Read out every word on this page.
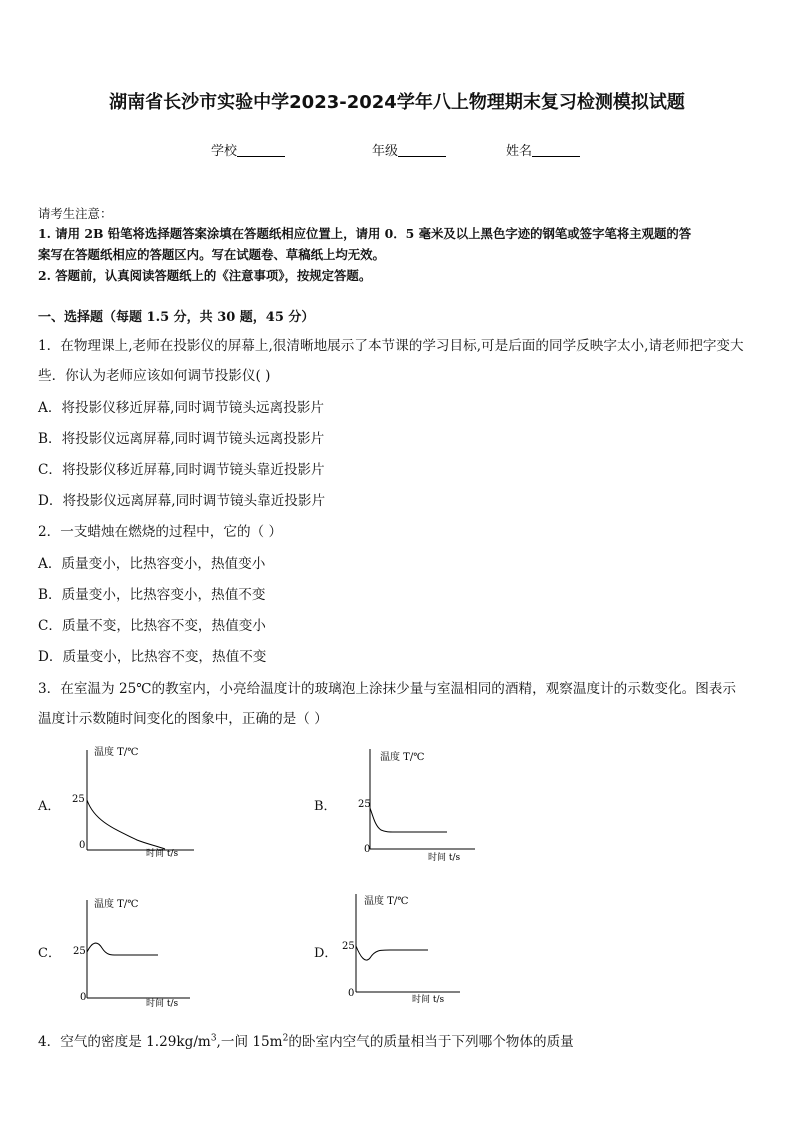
湖南省长沙市实验中学2023-2024学年八上物理期末复习检测模拟试题
学校	年级	姓名
请考生注意：
1. 请用 2B 铅笔将选择题答案涂填在答题纸相应位置上，请用 0．5 毫米及以上黑色字迹的钢笔或签字笔将主观题的答
案写在答题纸相应的答题区内。写在试题卷、草稿纸上均无效。
2. 答题前，认真阅读答题纸上的《注意事项》，按规定答题。
一、选择题（每题 1.5 分，共 30 题，45 分）
1．在物理课上,老师在投影仪的屏幕上,很清晰地展示了本节课的学习目标,可是后面的同学反映字太小,请老师把字变大
些．你认为老师应该如何调节投影仪( )
A．将投影仪移近屏幕,同时调节镜头远离投影片
B．将投影仪远离屏幕,同时调节镜头远离投影片
C．将投影仪移近屏幕,同时调节镜头靠近投影片
D．将投影仪远离屏幕,同时调节镜头靠近投影片
2．一支蜡烛在燃烧的过程中，它的（ ）
A．质量变小，比热容变小，热值变小
B．质量变小，比热容变小，热值不变
C．质量不变，比热容不变，热值变小
D．质量变小，比热容不变，热值不变
3．在室温为 25℃的教室内，小亮给温度计的玻璃泡上涂抹少量与室温相同的酒精，观察温度计的示数变化。图表示
温度计示数随时间变化的图象中，正确的是（ ）
A．	B．
C．	D．
温度 T/℃
25
0
时间 t/s
温度 T/℃
25
0
时间 t/s
温度 T/℃
25
0
时间 t/s
温度 T/℃
25
0
时间 t/s
4．空气的密度是 $1.29kg/m^3$,一间 $15m^2$的卧室内空气的质量相当于下列哪个物体的质量
